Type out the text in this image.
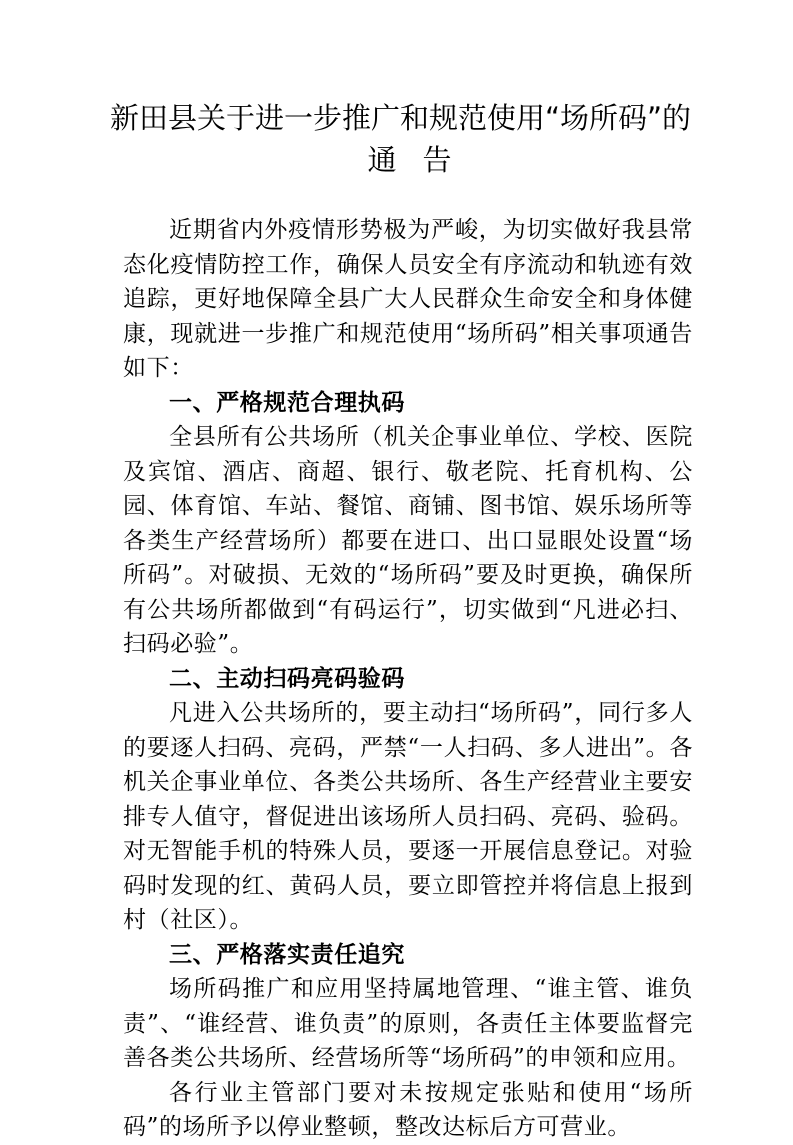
新田县关于进一步推广和规范使用“场所码”的
通告

近期省内外疫情形势极为严峻，为切实做好我县常态化疫情防控工作，确保人员安全有序流动和轨迹有效追踪，更好地保障全县广大人民群众生命安全和身体健康，现就进一步推广和规范使用“场所码”相关事项通告如下：

一、严格规范合理执码

全县所有公共场所（机关企事业单位、学校、医院及宾馆、酒店、商超、银行、敬老院、托育机构、公园、体育馆、车站、餐馆、商铺、图书馆、娱乐场所等各类生产经营场所）都要在进口、出口显眼处设置“场所码”。对破损、无效的“场所码”要及时更换，确保所有公共场所都做到“有码运行”，切实做到“凡进必扫、扫码必验”。

二、主动扫码亮码验码

凡进入公共场所的，要主动扫“场所码”，同行多人的要逐人扫码、亮码，严禁“一人扫码、多人进出”。各机关企事业单位、各类公共场所、各生产经营业主要安排专人值守，督促进出该场所人员扫码、亮码、验码。对无智能手机的特殊人员，要逐一开展信息登记。对验码时发现的红、黄码人员，要立即管控并将信息上报到村（社区）。

三、严格落实责任追究

场所码推广和应用坚持属地管理、“谁主管、谁负责”、“谁经营、谁负责”的原则，各责任主体要监督完善各类公共场所、经营场所等“场所码”的申领和应用。

各行业主管部门要对未按规定张贴和使用“场所码”的场所予以停业整顿，整改达标后方可营业。
